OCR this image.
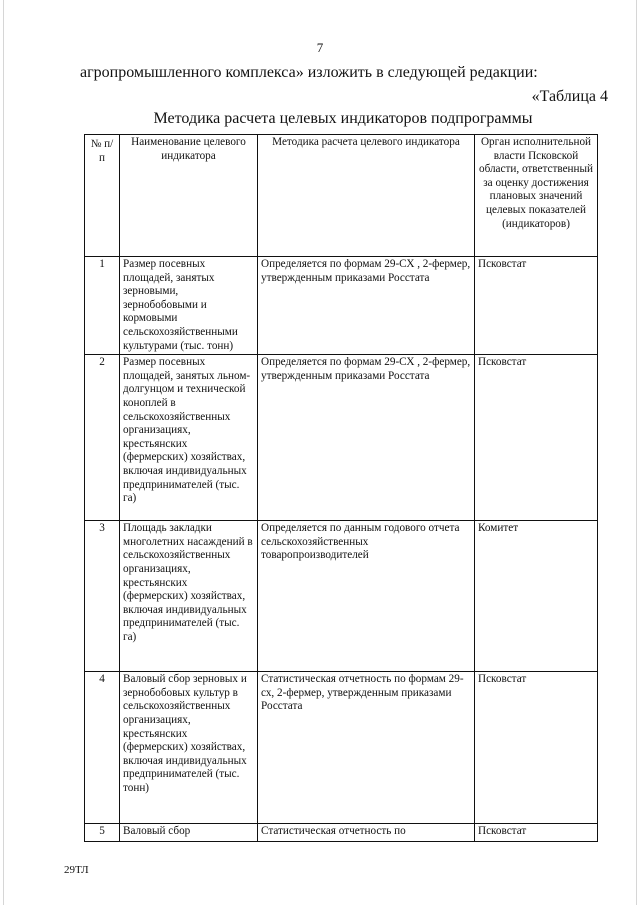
7
агропромышленного комплекса» изложить в следующей редакции:
«Таблица 4
Методика расчета целевых индикаторов подпрограммы
№ п/п	Наименование целевого индикатора	Методика расчета целевого индикатора	Орган исполнительной власти Псковской области, ответственный за оценку достижения плановых значений целевых показателей (индикаторов)
1	Размер посевных площадей, занятых зерновыми, зернобобовыми и кормовыми сельскохозяйственными культурами (тыс. тонн)	Определяется по формам 29-СХ , 2-фермер, утвержденным приказами Росстата	Псковстат
2	Размер посевных площадей, занятых льном-долгунцом и технической коноплей в сельскохозяйственных организациях, крестьянских (фермерских) хозяйствах, включая индивидуальных предпринимателей (тыс. га)	Определяется по формам 29-СХ , 2-фермер, утвержденным приказами Росстата	Псковстат
3	Площадь закладки многолетних насаждений в сельскохозяйственных организациях, крестьянских (фермерских) хозяйствах, включая индивидуальных предпринимателей (тыс. га)	Определяется по данным годового отчета сельскохозяйственных товаропроизводителей	Комитет
4	Валовый сбор зерновых и зернобобовых культур в сельскохозяйственных организациях, крестьянских (фермерских) хозяйствах, включая индивидуальных предпринимателей (тыс. тонн)	Статистическая отчетность по формам 29-сх, 2-фермер, утвержденным приказами Росстата	Псковстат
5	Валовый сбор	Статистическая отчетность по	Псковстат
29ТЛ
